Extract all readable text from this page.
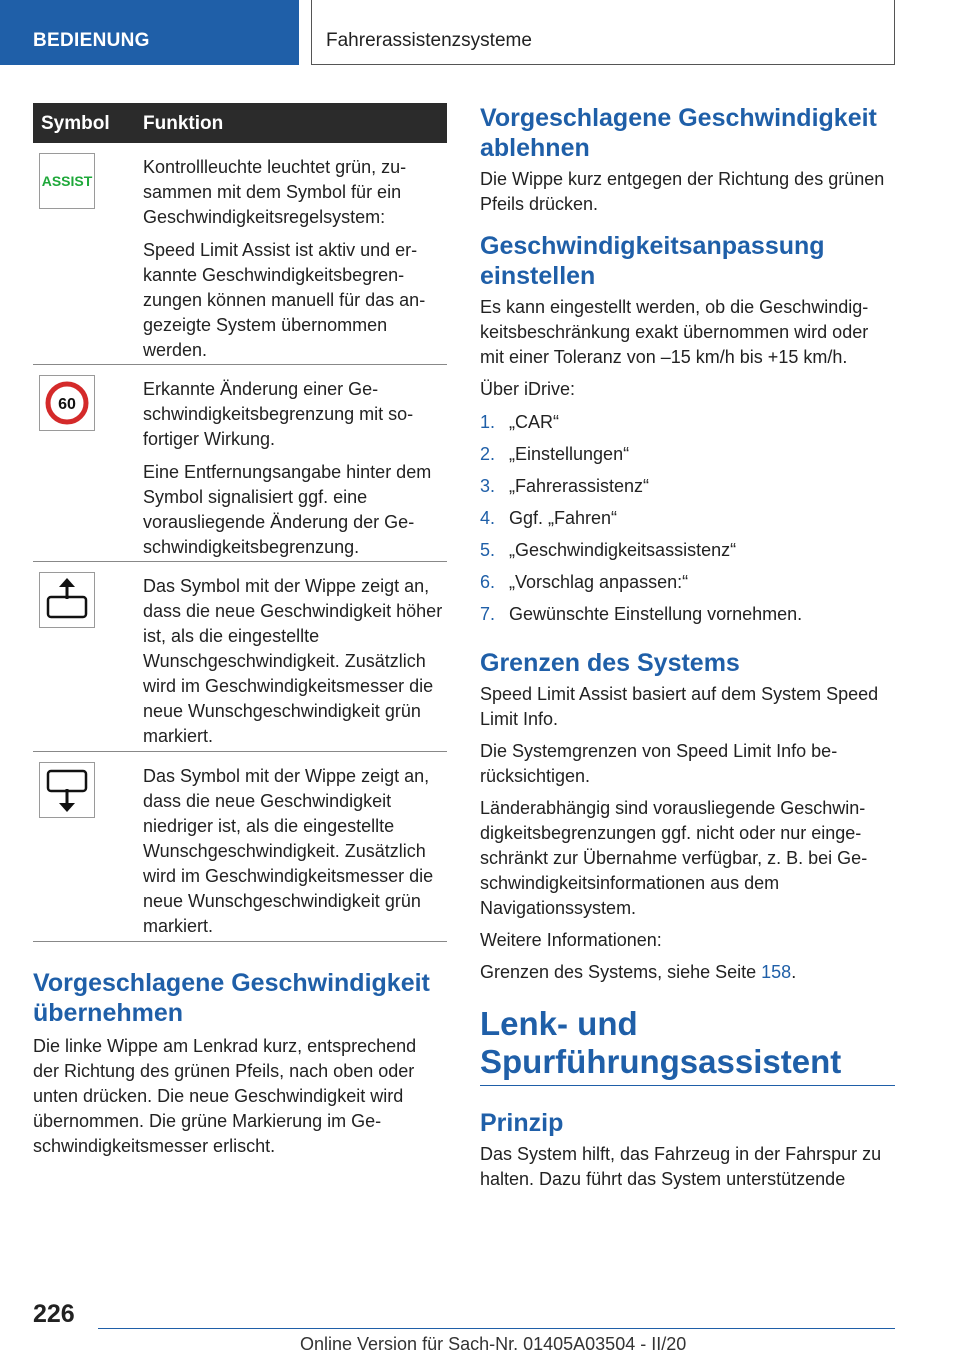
BEDIENUNG	Fahrerassistenzsysteme
Symbol Funktion
ASSIST

Kontrollleuchte leuchtet grün, zusammen mit dem Symbol für ein Geschwindigkeitsregelsystem:

Speed Limit Assist ist aktiv und erkannte Geschwindigkeitsbegrenzungen können manuell für das angezeigte System übernommen werden.

60

Erkannte Änderung einer Geschwindigkeitsbegrenzung mit sofortiger Wirkung.

Eine Entfernungsangabe hinter dem Symbol signalisiert ggf. eine vorausliegende Änderung der Geschwindigkeitsbegrenzung.

Das Symbol mit der Wippe zeigt an, dass die neue Geschwindigkeit höher ist, als die eingestellte Wunschgeschwindigkeit. Zusätzlich wird im Geschwindigkeitsmesser die neue Wunschgeschwindigkeit grün markiert.

Das Symbol mit der Wippe zeigt an, dass die neue Geschwindigkeit niedriger ist, als die eingestellte Wunschgeschwindigkeit. Zusätzlich wird im Geschwindigkeitsmesser die neue Wunschgeschwindigkeit grün markiert.

Vorgeschlagene Geschwindigkeit übernehmen

Die linke Wippe am Lenkrad kurz, entsprechend der Richtung des grünen Pfeils, nach oben oder unten drücken. Die neue Geschwindigkeit wird übernommen. Die grüne Markierung im Geschwindigkeitsmesser erlischt.

Vorgeschlagene Geschwindigkeit ablehnen

Die Wippe kurz entgegen der Richtung des grünen Pfeils drücken.

Geschwindigkeitsanpassung einstellen

Es kann eingestellt werden, ob die Geschwindigkeitsbeschränkung exakt übernommen wird oder mit einer Toleranz von –15 km/h bis +15 km/h.

Über iDrive:

1. „CAR“
2. „Einstellungen“
3. „Fahrerassistenz“
4. Ggf. „Fahren“
5. „Geschwindigkeitsassistenz“
6. „Vorschlag anpassen:“
7. Gewünschte Einstellung vornehmen.
Grenzen des Systems

Speed Limit Assist basiert auf dem System Speed Limit Info.

Die Systemgrenzen von Speed Limit Info berücksichtigen.

Länderabhängig sind vorausliegende Geschwindigkeitsbegrenzungen ggf. nicht oder nur eingeschränkt zur Übernahme verfügbar, z. B. bei Geschwindigkeitsinformationen aus dem Navigationssystem.

Weitere Informationen:

Grenzen des Systems, siehe Seite 158.

Lenk- und Spurführungsassistent
Prinzip

Das System hilft, das Fahrzeug in der Fahrspur zu halten. Dazu führt das System unterstützende

226
Online Version für Sach-Nr. 01405A03504 - II/20
